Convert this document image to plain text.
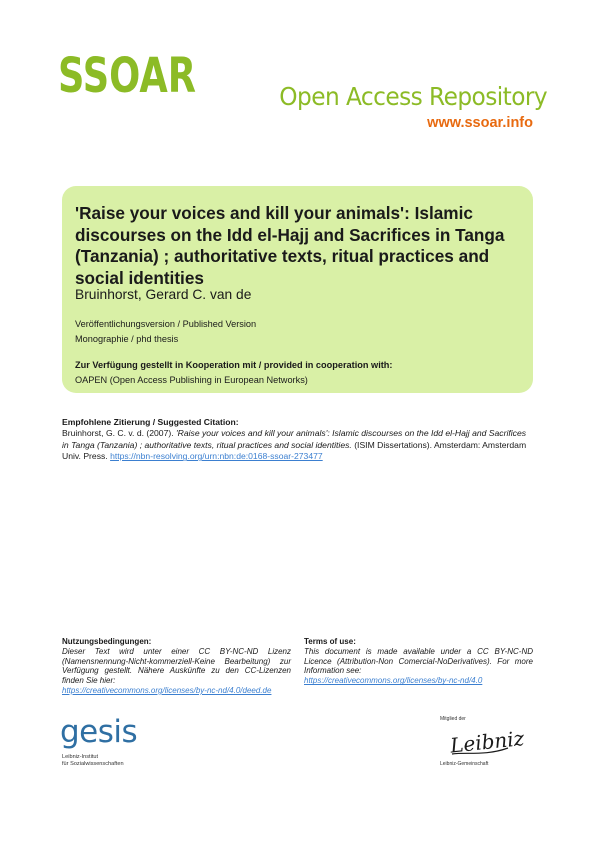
SSOAR	Open Access Repository
www.ssoar.info
'Raise your voices and kill your animals': Islamic discourses on the Idd el-Hajj and Sacrifices in Tanga (Tanzania) ; authoritative texts, ritual practices and social identities
Bruinhorst, Gerard C. van de
Veröffentlichungsversion / Published Version
Monographie / phd thesis
Zur Verfügung gestellt in Kooperation mit / provided in cooperation with:
OAPEN (Open Access Publishing in European Networks)
Empfohlene Zitierung / Suggested Citation:
Bruinhorst, G. C. v. d. (2007). 'Raise your voices and kill your animals': Islamic discourses on the Idd el-Hajj and Sacrifices in Tanga (Tanzania) ; authoritative texts, ritual practices and social identities. (ISIM Dissertations). Amsterdam: Amsterdam Univ. Press. https://nbn-resolving.org/urn:nbn:de:0168-ssoar-273477
Nutzungsbedingungen:
Dieser Text wird unter einer CC BY-NC-ND Lizenz (Namensnennung-Nicht-kommerziell-Keine Bearbeitung) zur Verfügung gestellt. Nähere Auskünfte zu den CC-Lizenzen finden Sie hier:
https://creativecommons.org/licenses/by-nc-nd/4.0/deed.de
Terms of use:
This document is made available under a CC BY-NC-ND Licence (Attribution-Non Comercial-NoDerivatives). For more Information see:
https://creativecommons.org/licenses/by-nc-nd/4.0
gesis
Leibniz-Institut
für Sozialwissenschaften
Mitglied der
Leibniz
Leibniz-Gemeinschaft
